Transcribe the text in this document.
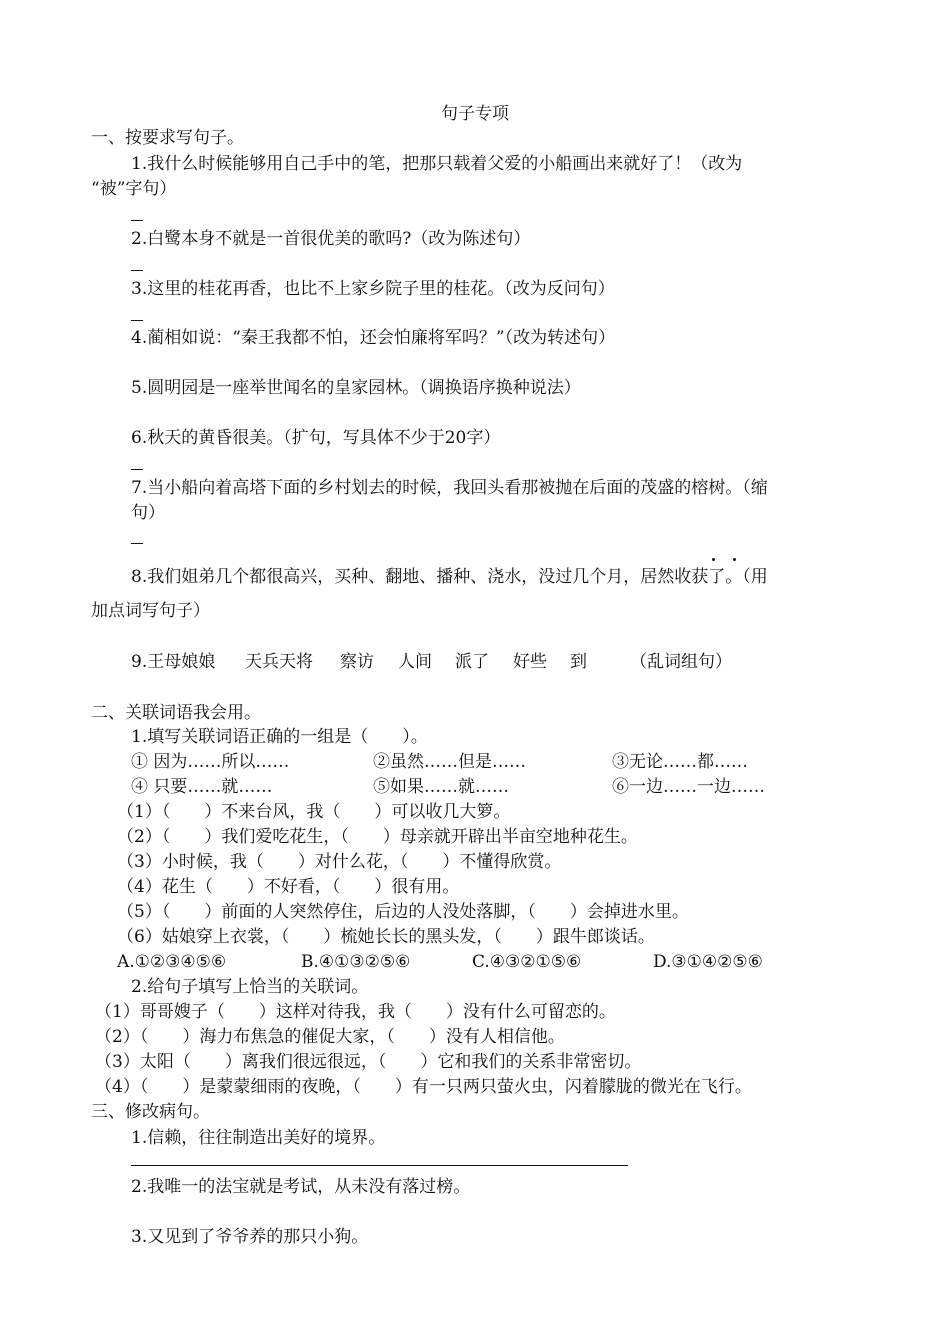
句子专项
一、按要求写句子。
1.我什么时候能够用自己手中的笔，把那只载着父爱的小船画出来就好了！（改为
“被”字句）
2.白鹭本身不就是一首很优美的歌吗?（改为陈述句）
3.这里的桂花再香，也比不上家乡院子里的桂花。（改为反问句）
4.蔺相如说：“秦王我都不怕，还会怕廉将军吗？”（改为转述句）
5.圆明园是一座举世闻名的皇家园林。（调换语序换种说法）
6.秋天的黄昏很美。（扩句，写具体不少于20字）
7.当小船向着高塔下面的乡村划去的时候，我回头看那被抛在后面的茂盛的榕树。（缩
句）
8.我们姐弟几个都很高兴，买种、翻地、播种、浇水，没过几个月，居然收获了。（用
加点词写句子）
9.王母娘娘 天兵天将 察访 人间 派了 好些 到	（乱词组句）
二、关联词语我会用。
1.填写关联词语正确的一组是（　　）。
① 因为……所以……	②虽然……但是……	③无论……都……
④ 只要……就……	⑤如果……就……	⑥一边……一边……
（1）（　　）不来台风，我（　　）可以收几大箩。
（2）（　　）我们爱吃花生，（　　）母亲就开辟出半亩空地种花生。
（3）小时候，我（　　）对什么花，（　　）不懂得欣赏。
（4）花生（　　）不好看，（　　）很有用。
（5）（　　）前面的人突然停住，后边的人没处落脚，（　　）会掉进水里。
（6）姑娘穿上衣裳，（　　）梳她长长的黑头发，（　　）跟牛郎谈话。
A.①②③④⑤⑥	B.④①③②⑤⑥	C.④③②①⑤⑥	D.③①④②⑤⑥
2.给句子填写上恰当的关联词。
（1）哥哥嫂子（　　）这样对待我，我（　　）没有什么可留恋的。
（2）（　　）海力布焦急的催促大家，（　　）没有人相信他。
（3）太阳（　　）离我们很远很远，（　　）它和我们的关系非常密切。
（4）（　　）是蒙蒙细雨的夜晚，（　　）有一只两只萤火虫，闪着朦胧的微光在飞行。
三、修改病句。
1.信赖，往往制造出美好的境界。
2.我唯一的法宝就是考试，从未没有落过榜。
3.又见到了爷爷养的那只小狗。
